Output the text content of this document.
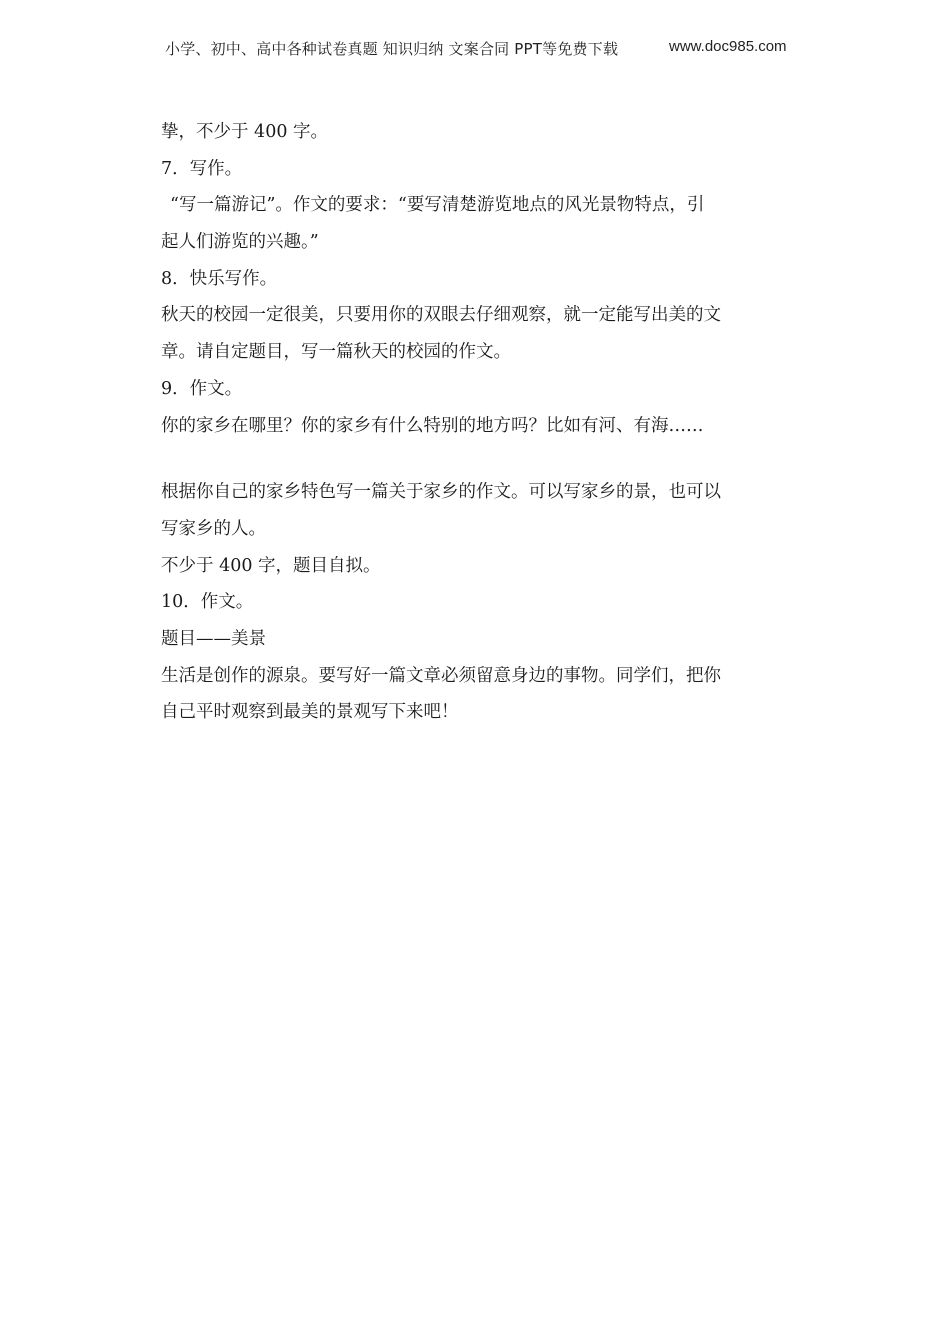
小学、初中、高中各种试卷真题 知识归纳 文案合同 PPT等免费下载	www.doc985.com
挚，不少于 400 字。
7．写作。
“写一篇游记”。作文的要求：“要写清楚游览地点的风光景物特点，引
起人们游览的兴趣。”
8．快乐写作。
秋天的校园一定很美，只要用你的双眼去仔细观察，就一定能写出美的文
章。请自定题目，写一篇秋天的校园的作文。
9．作文。
你的家乡在哪里？你的家乡有什么特别的地方吗？比如有河、有海……
根据你自己的家乡特色写一篇关于家乡的作文。可以写家乡的景，也可以
写家乡的人。
不少于 400 字，题目自拟。
10．作文。
题目——美景
生活是创作的源泉。要写好一篇文章必须留意身边的事物。同学们，把你
自己平时观察到最美的景观写下来吧！
